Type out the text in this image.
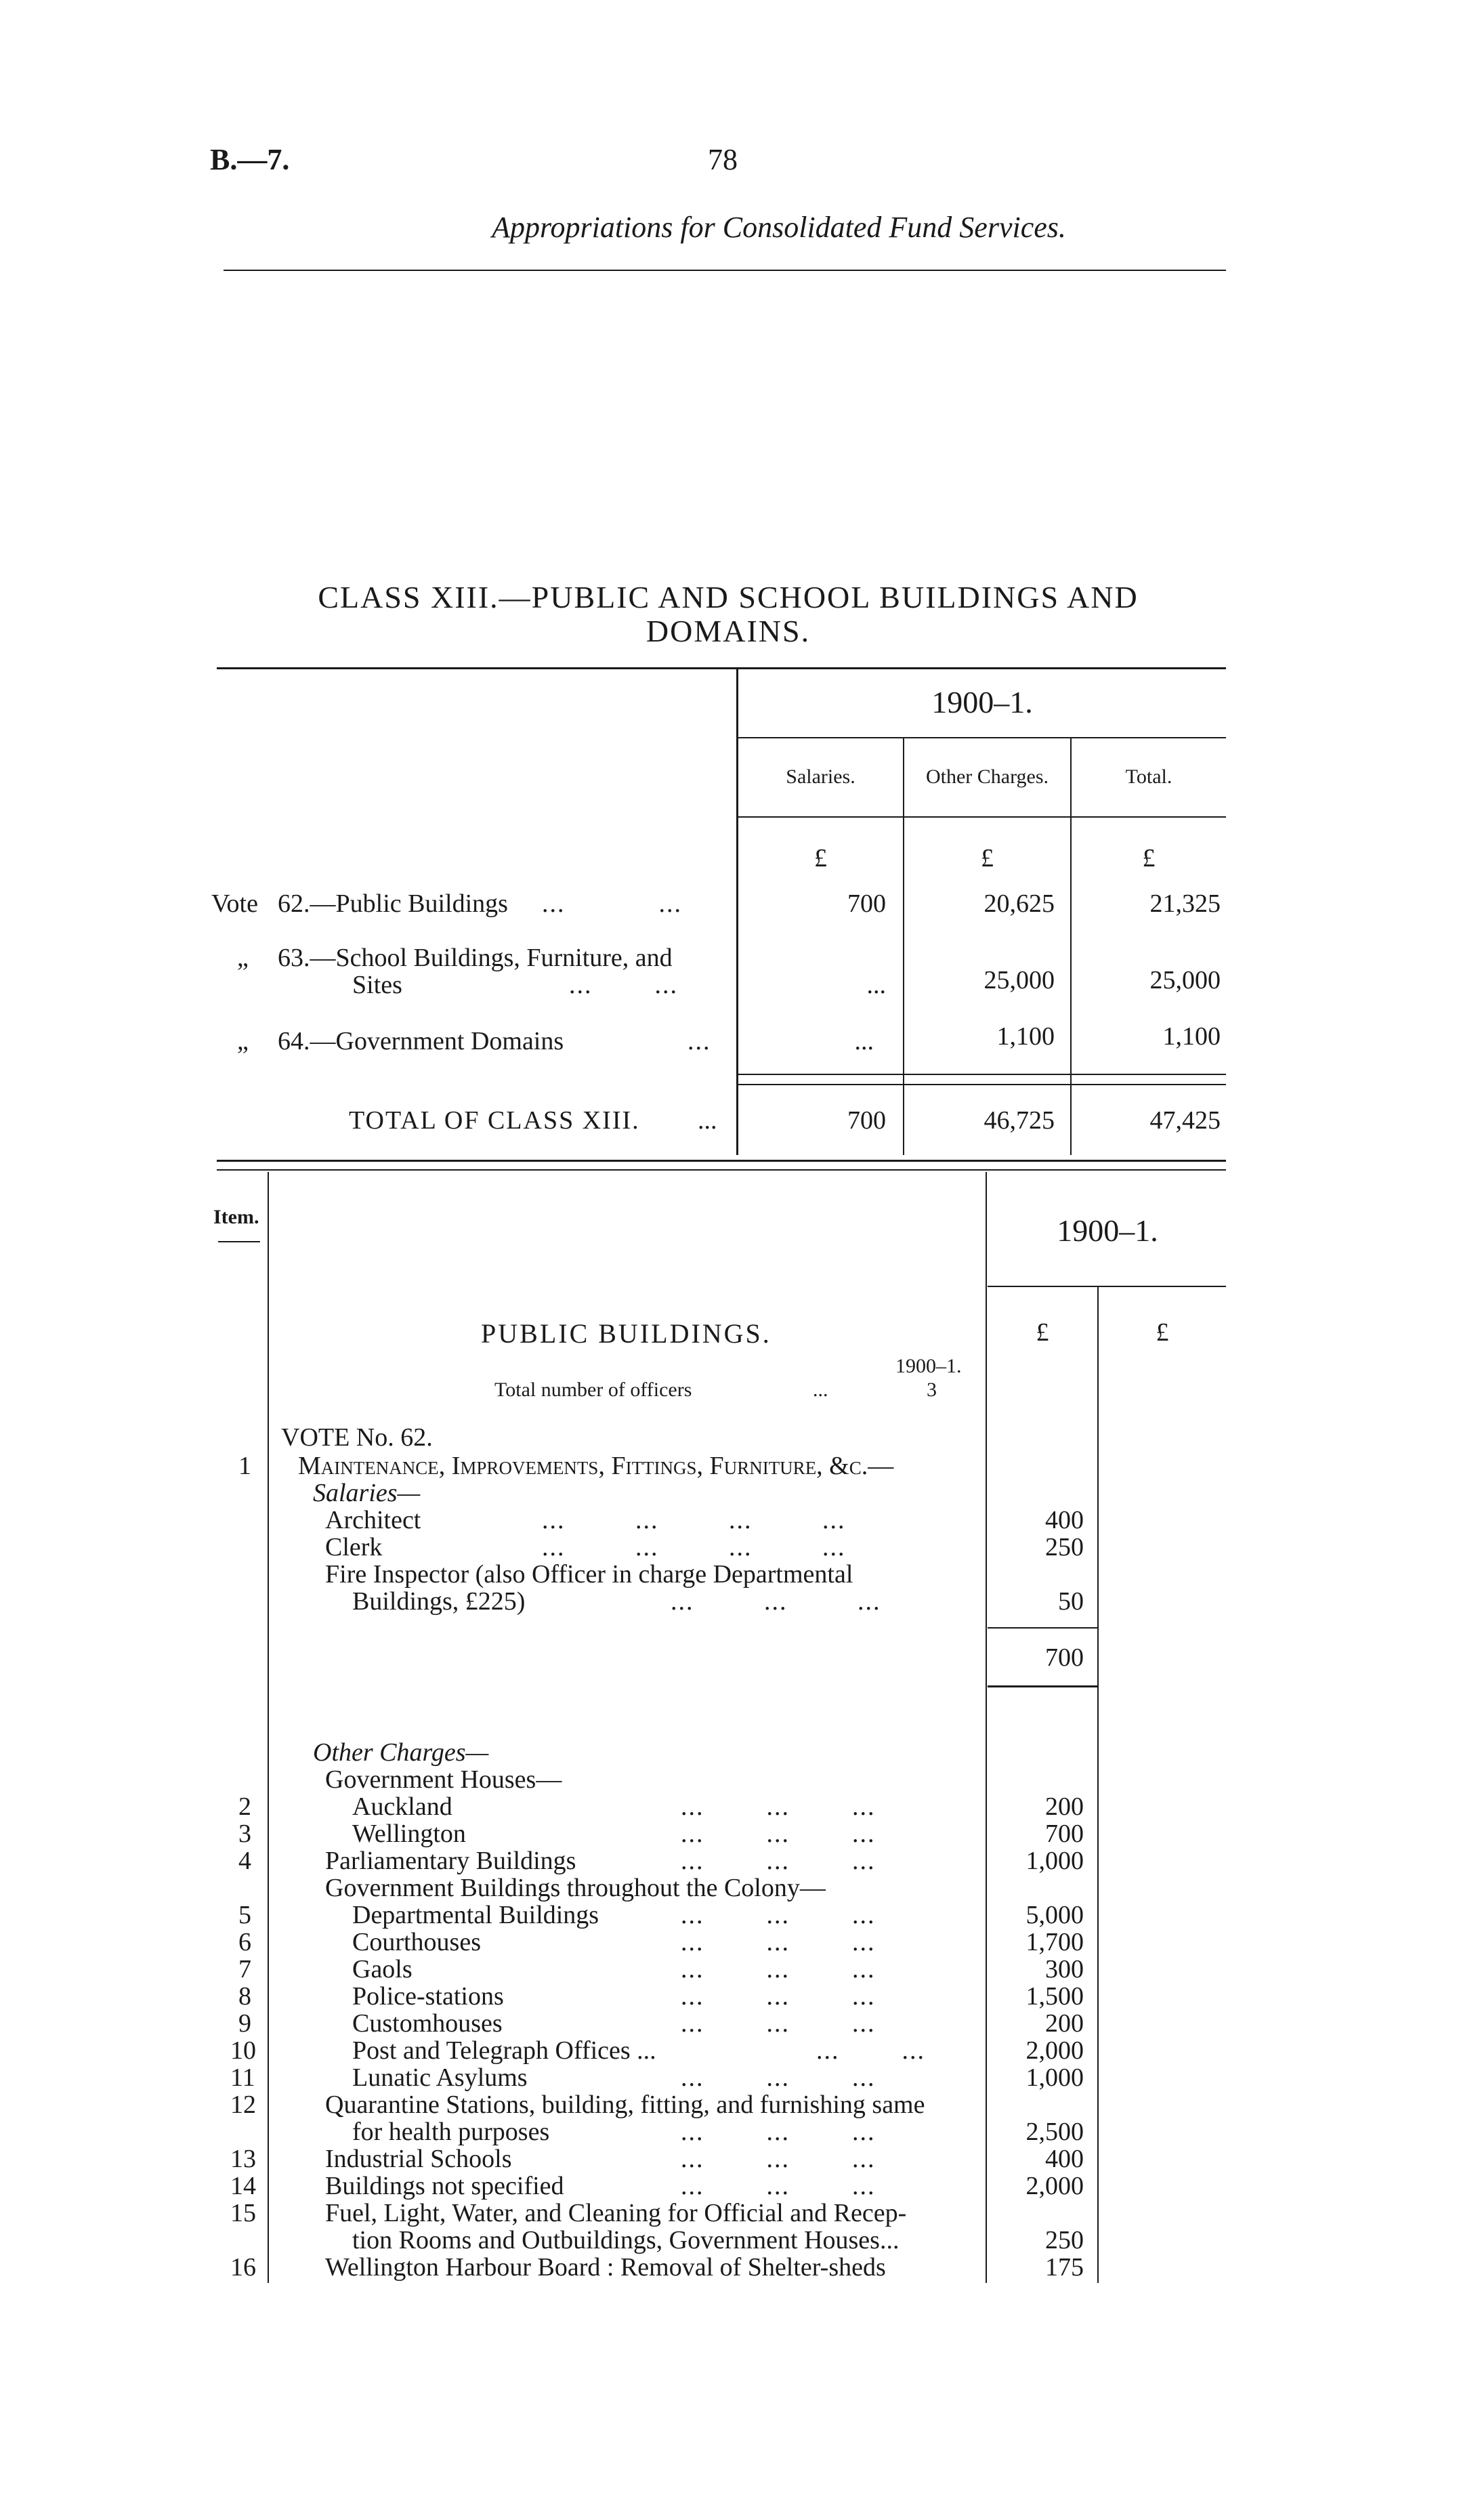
B.—7.	78
Appropriations for Consolidated Fund Services.
CLASS XIII.—PUBLIC AND SCHOOL BUILDINGS AND
DOMAINS.
1900–1.
Salaries.	Other Charges.	Total.
£	£	£
Vote 62.—Public Buildings ...            ...	700	20,625	21,325
„ 63.—School Buildings, Furniture, and
Sites	...        ...	...	25,000	25,000
„ 64.—Government Domains	...	...	1,100	1,100
TOTAL OF CLASS XIII. ...	700	46,725	47,425
Item.	1900–1.
£	£
PUBLIC BUILDINGS.
1900–1.
Total number of officers	...	3
VOTE No. 62.
1 Maintenance, Improvements, Fittings, Furniture, &c.—
Salaries—
Architect	...         ...         ...         ...	400
Clerk	...         ...         ...         ...	250
Fire Inspector (also Officer in charge Departmental
Buildings, £225)	...         ...         ...	50
700
Other Charges—
Government Houses—
2	Auckland	...        ...        ...	200
3	Wellington	...        ...        ...	700
4	Parliamentary Buildings	...        ...        ...	1,000
Government Buildings throughout the Colony—
5	Departmental Buildings	...        ...        ...	5,000
6	Courthouses	...        ...        ...	1,700
7	Gaols	...        ...        ...	300
8	Police-stations	...        ...        ...	1,500
9	Customhouses	...        ...        ...	200
10	Post and Telegraph Offices ...	...        ...	2,000
11	Lunatic Asylums	...        ...        ...	1,000
12	Quarantine Stations, building, fitting, and furnishing same
for health purposes	...        ...        ...	2,500
13	Industrial Schools	...        ...        ...	400
14	Buildings not specified	...        ...        ...	2,000
15	Fuel, Light, Water, and Cleaning for Official and Recep-
tion Rooms and Outbuildings, Government Houses...	250
16	Wellington Harbour Board : Removal of Shelter-sheds	175
